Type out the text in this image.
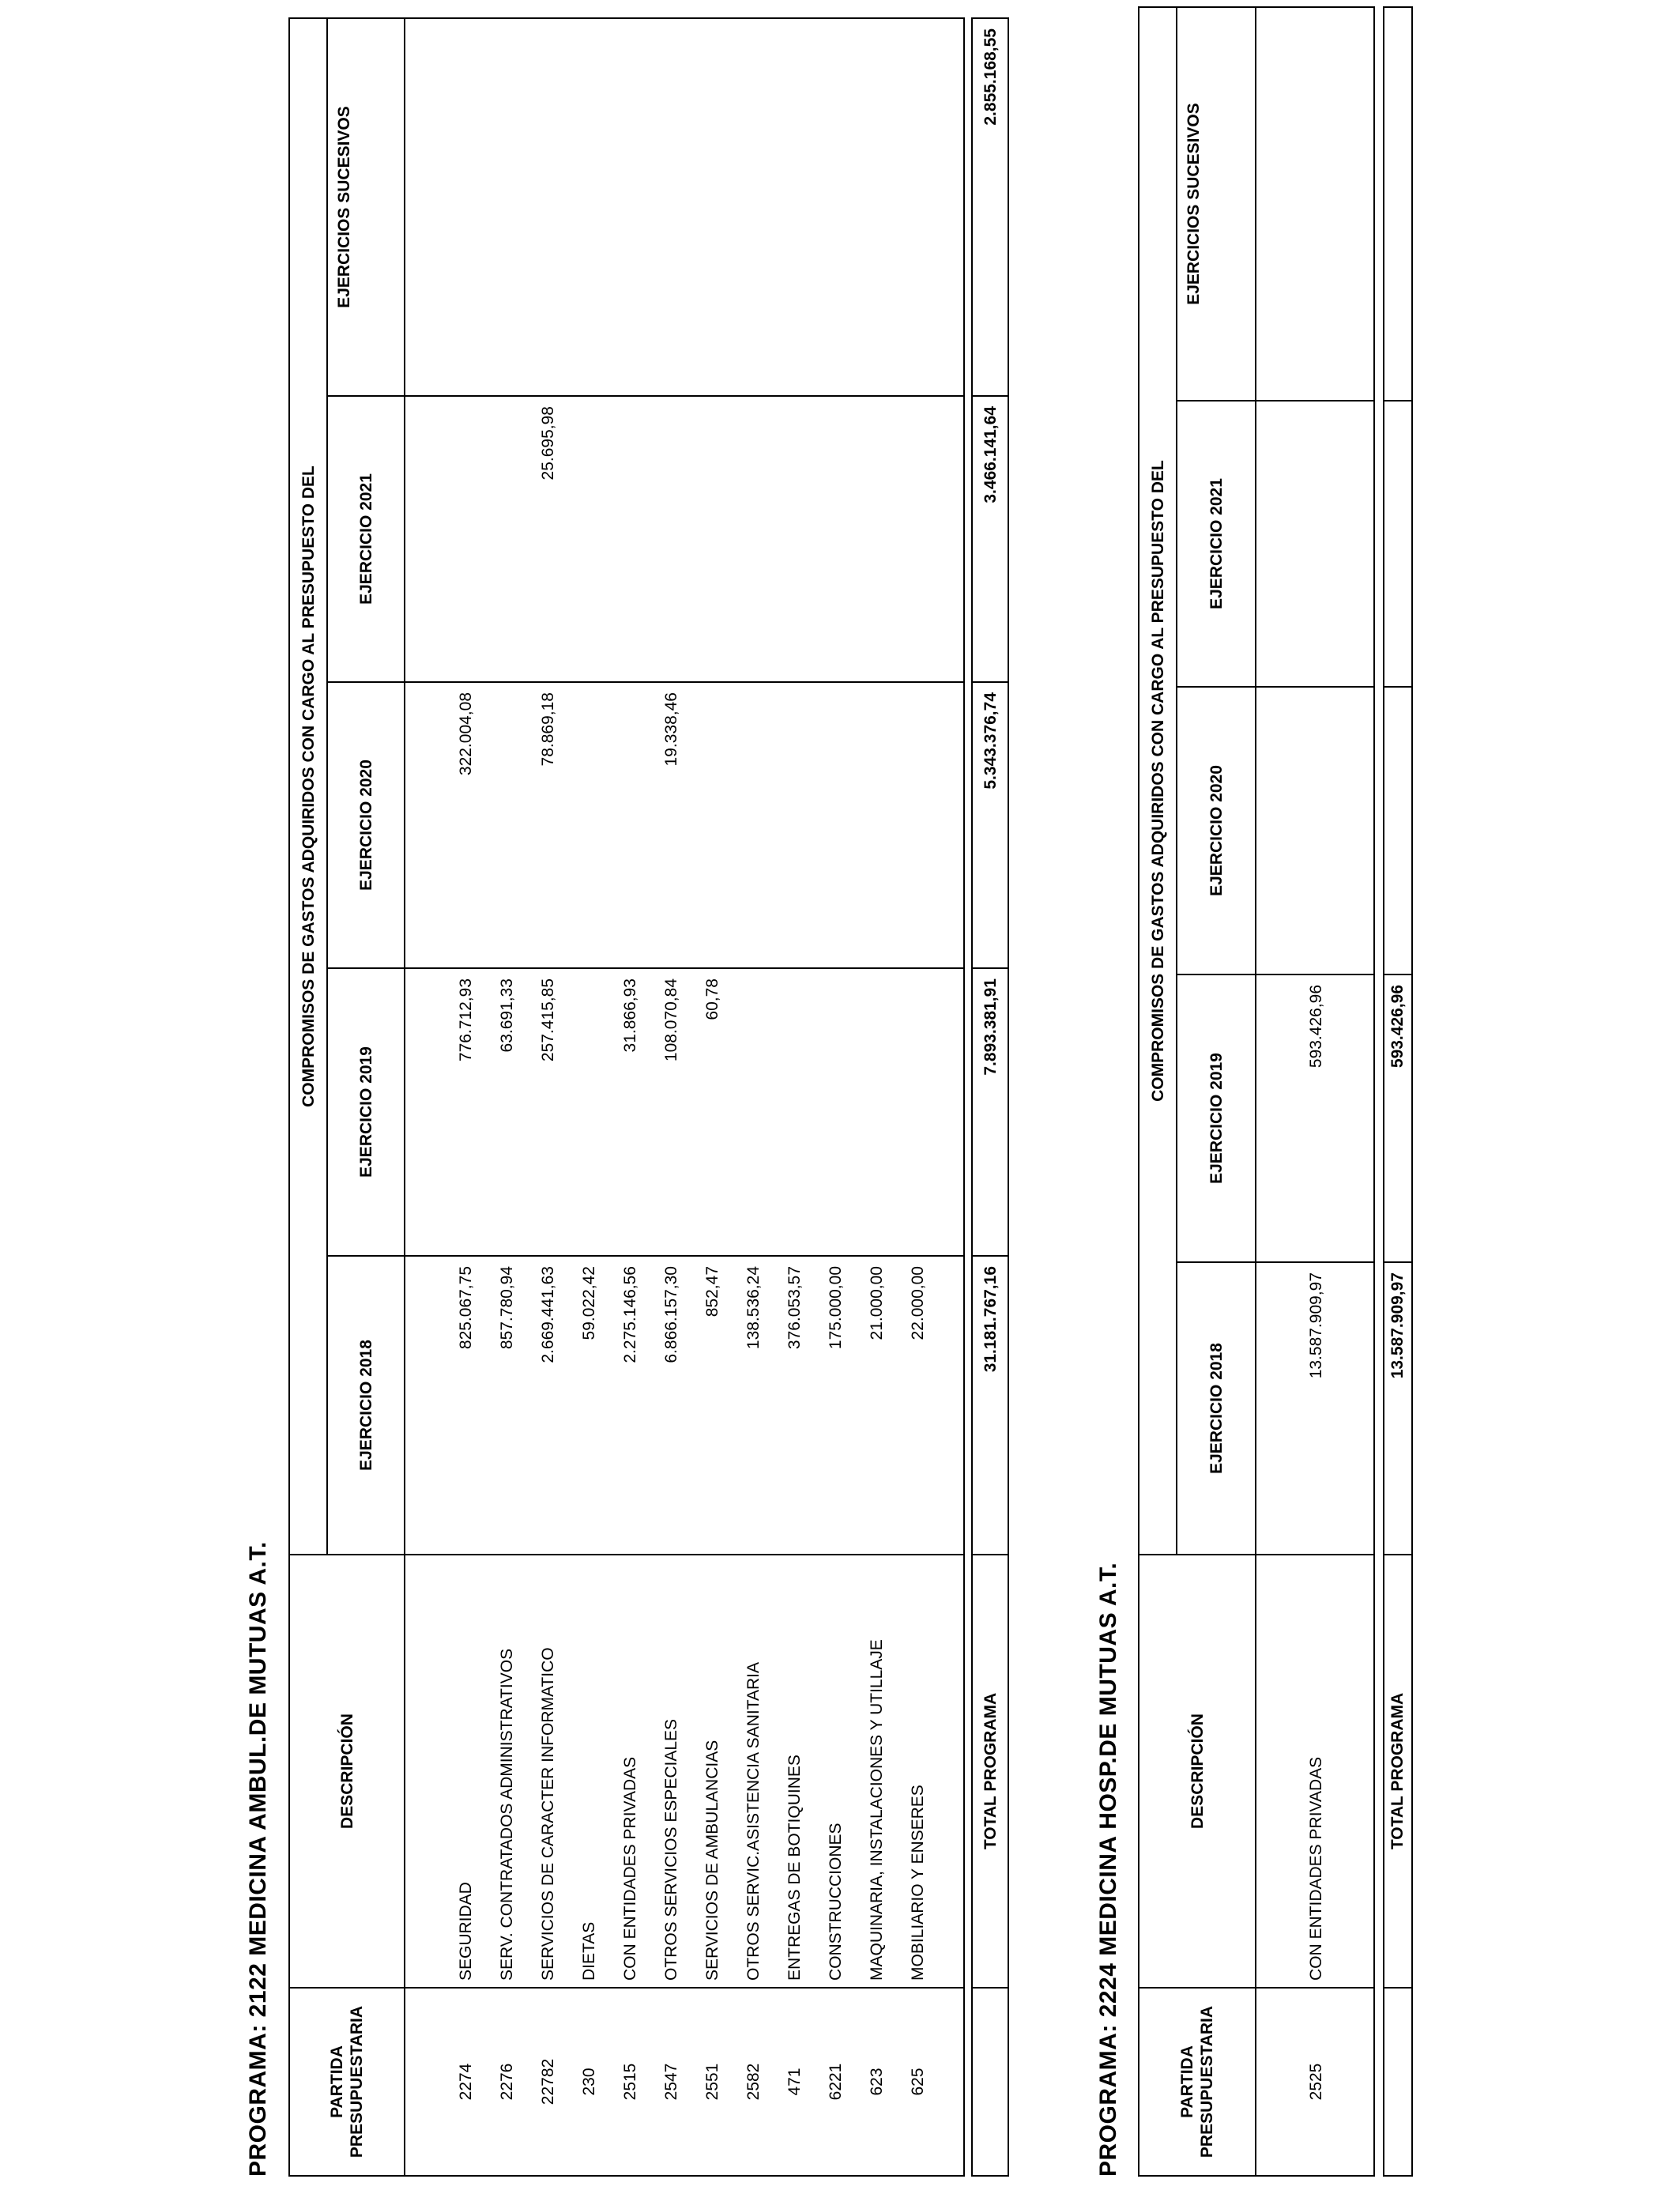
PROGRAMA: 2122 MEDICINA AMBUL.DE MUTUAS A.T.	PARTIDA PRESUPUESTARIA
DESCRIPCIÓN
COMPROMISOS DE GASTOS ADQUIRIDOS CON CARGO AL PRESUPUESTO DEL
EJERCICIO 2018
EJERCICIO 2019
EJERCICIO 2020
EJERCICIO 2021
EJERCICIOS SUCESIVOS
2274
SEGURIDAD
825.067,75
776.712,93
322.004,08
2276
SERV. CONTRATADOS ADMINISTRATIVOS
857.780,94
63.691,33
22782
SERVICIOS DE CARACTER INFORMATICO
2.669.441,63
257.415,85
78.869,18
25.695,98
230
DIETAS
59.022,42
2515
CON ENTIDADES PRIVADAS
2.275.146,56
31.866,93
2547
OTROS SERVICIOS ESPECIALES
6.866.157,30
108.070,84
19.338,46
2551
SERVICIOS DE AMBULANCIAS
852,47
60,78
2582
OTROS SERVIC.ASISTENCIA SANITARIA
138.536,24
471
ENTREGAS DE BOTIQUINES
376.053,57
6221
CONSTRUCCIONES
175.000,00
623
MAQUINARIA, INSTALACIONES Y UTILLAJE
21.000,00
625
MOBILIARIO Y ENSERES
22.000,00
TOTAL PROGRAMA
31.181.767,16
7.893.381,91
5.343.376,74
3.466.141,64
2.855.168,55
PROGRAMA: 2224 MEDICINA HOSP.DE MUTUAS A.T.	PARTIDA PRESUPUESTARIA
DESCRIPCIÓN
COMPROMISOS DE GASTOS ADQUIRIDOS CON CARGO AL PRESUPUESTO DEL
EJERCICIO 2018
EJERCICIO 2019
EJERCICIO 2020
EJERCICIO 2021
EJERCICIOS SUCESIVOS
2525
CON ENTIDADES PRIVADAS
13.587.909,97
593.426,96
TOTAL PROGRAMA
13.587.909,97
593.426,96
